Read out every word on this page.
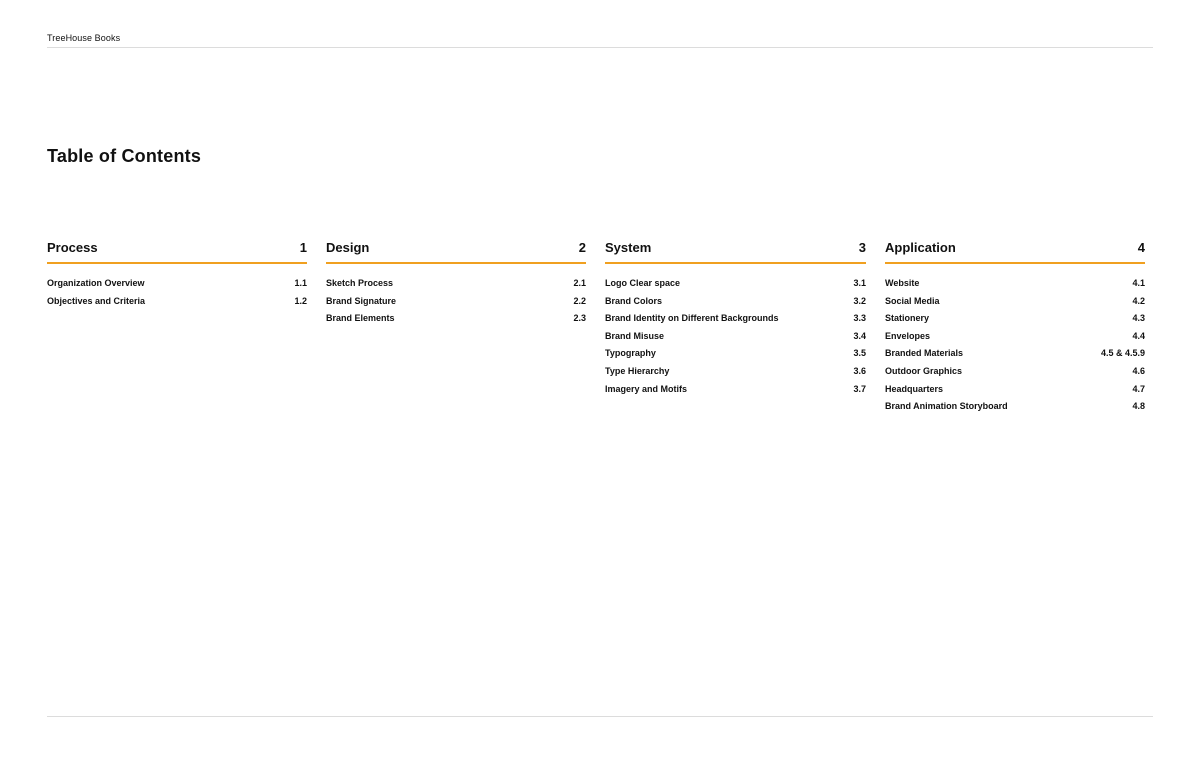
TreeHouse Books
Table of Contents
Process	1
Organization Overview	1.1
Objectives and Criteria	1.2
Design	2
Sketch Process	2.1
Brand Signature	2.2
Brand Elements	2.3
System	3
Logo Clear space	3.1
Brand Colors	3.2
Brand Identity on Different Backgrounds	3.3
Brand Misuse	3.4
Typography	3.5
Type Hierarchy	3.6
Imagery and Motifs	3.7
Application	4
Website	4.1
Social Media	4.2
Stationery	4.3
Envelopes	4.4
Branded Materials	4.5 & 4.5.9
Outdoor Graphics	4.6
Headquarters	4.7
Brand Animation Storyboard	4.8
